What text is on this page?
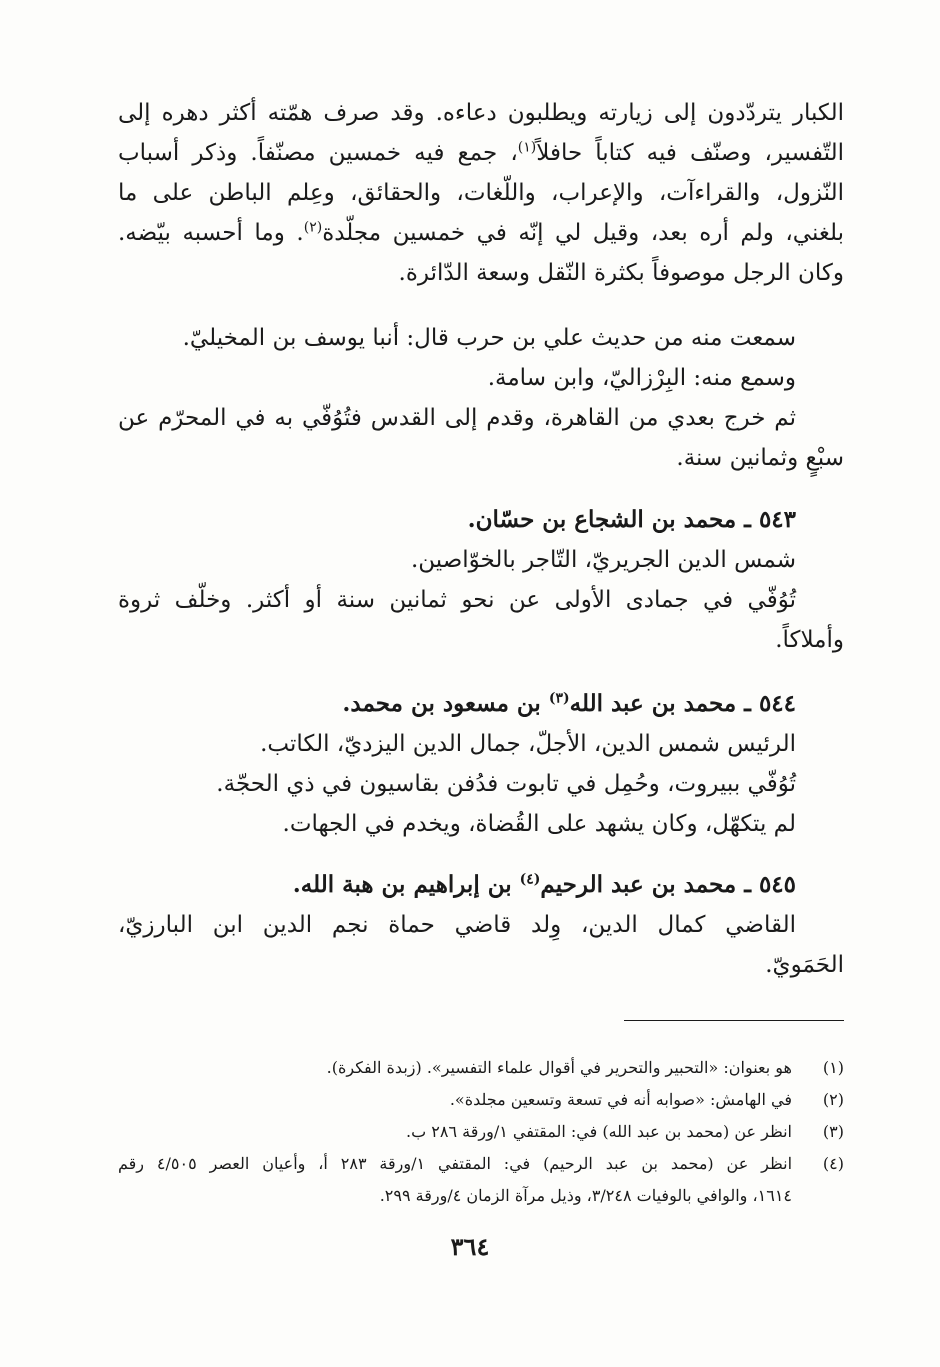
الكبار يتردّدون إلى زيارته ويطلبون دعاءه. وقد صرف همّته أكثر دهره إلى
التّفسير، وصنّف فيه كتاباً حافلاً$^{(١)}$، جمع فيه خمسين مصنّفاً. وذكر أسباب
النّزول، والقراءآت، والإعراب، واللّغات، والحقائق، وعِلم الباطن على ما
بلغني، ولم أره بعد، وقيل لي إنّه في خمسين مجلّدة$^{(٢)}$. وما أحسبه بيّضه.
وكان الرجل موصوفاً بكثرة النّقل وسعة الدّائرة.
سمعت منه من حديث علي بن حرب قال: أنبا يوسف بن المخيليّ.
وسمع منه: البِرْزاليّ، وابن سامة.
ثم خرج بعدي من القاهرة، وقدم إلى القدس فتُوُفّي به في المحرّم عن
سبْعٍ وثمانين سنة.
٥٤٣ ـ محمد بن الشجاع بن حسّان.
شمس الدين الجريريّ، التّاجر بالخوّاصين.
تُوُفّي في جمادى الأولى عن نحو ثمانين سنة أو أكثر. وخلّف ثروة
وأملاكاً.
٥٤٤ ـ محمد بن عبد الله$^{(٣)}$ بن مسعود بن محمد.
الرئيس شمس الدين، الأجلّ، جمال الدين اليزديّ، الكاتب.
تُوُفّي ببيروت، وحُمِل في تابوت فدُفن بقاسيون في ذي الحجّة.
لم يتكهّل، وكان يشهد على القُضاة، ويخدم في الجهات.
٥٤٥ ـ محمد بن عبد الرحيم$^{(٤)}$ بن إبراهيم بن هبة الله.
القاضي كمال الدين، وِلد قاضي حماة نجم الدين ابن البارزيّ،
الحَمَويّ.
(١)
هو بعنوان: «التحبير والتحرير في أقوال علماء التفسير». (زبدة الفكرة).
(٢)
في الهامش: «صوابه أنه في تسعة وتسعين مجلدة».
(٣)
انظر عن (محمد بن عبد الله) في: المقتفي ١/ورقة ٢٨٦ ب.
(٤)
انظر عن (محمد بن عبد الرحيم) في: المقتفي ١/ورقة ٢٨٣ أ، وأعيان العصر ٤/٥٠٥ رقم
١٦١٤، والوافي بالوفيات ٣/٢٤٨، وذيل مرآة الزمان ٤/ورقة ٢٩٩.
٣٦٤
